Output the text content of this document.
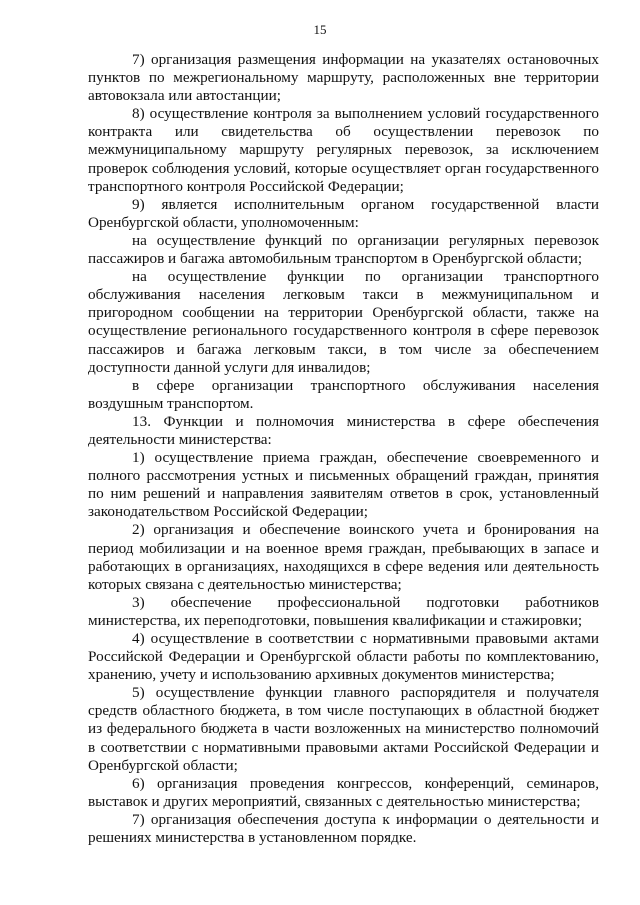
15

7) организация размещения информации на указателях остановочных пунктов по межрегиональному маршруту, расположенных вне территории автовокзала или автостанции;

8) осуществление контроля за выполнением условий государственного контракта или свидетельства об осуществлении перевозок по межмуниципальному маршруту регулярных перевозок, за исключением проверок соблюдения условий, которые осуществляет орган государственного транспортного контроля Российской Федерации;

9) является исполнительным органом государственной власти Оренбургской области, уполномоченным:

на осуществление функций по организации регулярных перевозок пассажиров и багажа автомобильным транспортом в Оренбургской области;

на осуществление функции по организации транспортного обслуживания населения легковым такси в межмуниципальном и пригородном сообщении на территории Оренбургской области, также на осуществление регионального государственного контроля в сфере перевозок пассажиров и багажа легковым такси, в том числе за обеспечением доступности данной услуги для инвалидов;

в сфере организации транспортного обслуживания населения воздушным транспортом.

13. Функции и полномочия министерства в сфере обеспечения деятельности министерства:

1) осуществление приема граждан, обеспечение своевременного и полного рассмотрения устных и письменных обращений граждан, принятия по ним решений и направления заявителям ответов в срок, установленный законодательством Российской Федерации;

2) организация и обеспечение воинского учета и бронирования на период мобилизации и на военное время граждан, пребывающих в запасе и работающих в организациях, находящихся в сфере ведения или деятельность которых связана с деятельностью министерства;

3) обеспечение профессиональной подготовки работников министерства, их переподготовки, повышения квалификации и стажировки;

4) осуществление в соответствии с нормативными правовыми актами Российской Федерации и Оренбургской области работы по комплектованию, хранению, учету и использованию архивных документов министерства;

5) осуществление функции главного распорядителя и получателя средств областного бюджета, в том числе поступающих в областной бюджет из федерального бюджета в части возложенных на министерство полномочий в соответствии с нормативными правовыми актами Российской Федерации и Оренбургской области;

6) организация проведения конгрессов, конференций, семинаров, выставок и других мероприятий, связанных с деятельностью министерства;

7) организация обеспечения доступа к информации о деятельности и решениях министерства в установленном порядке.
